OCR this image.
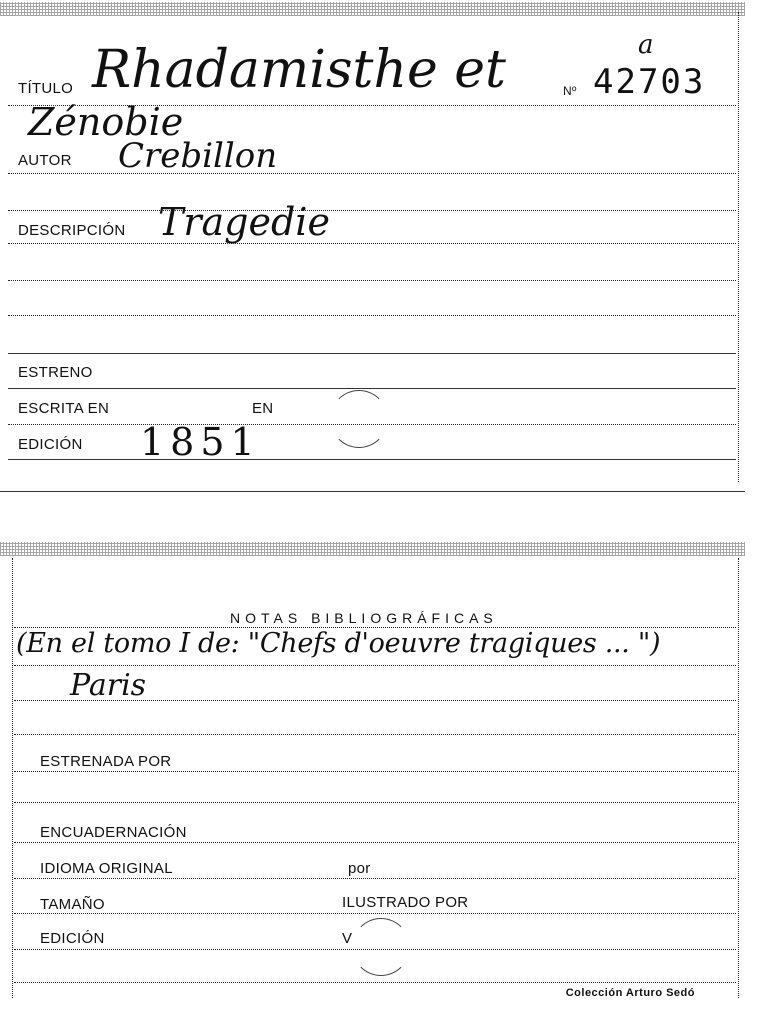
TÍTULO Rhadamisthe et
Zénobie
Nº 42703
a
AUTOR Crebillon
DESCRIPCIÓN Tragedie
ESTRENO
ESCRITA EN	EN
EDICIÓN 1851
NOTAS BIBLIOGRÁFICAS
(En el tomo I de: "Chefs d'oeuvre tragiques ... ")
Paris
ESTRENADA POR
ENCUADERNACIÓN
IDIOMA ORIGINAL	por
TAMAÑO	ILUSTRADO POR
EDICIÓN	V
Colección Arturo Sedó
